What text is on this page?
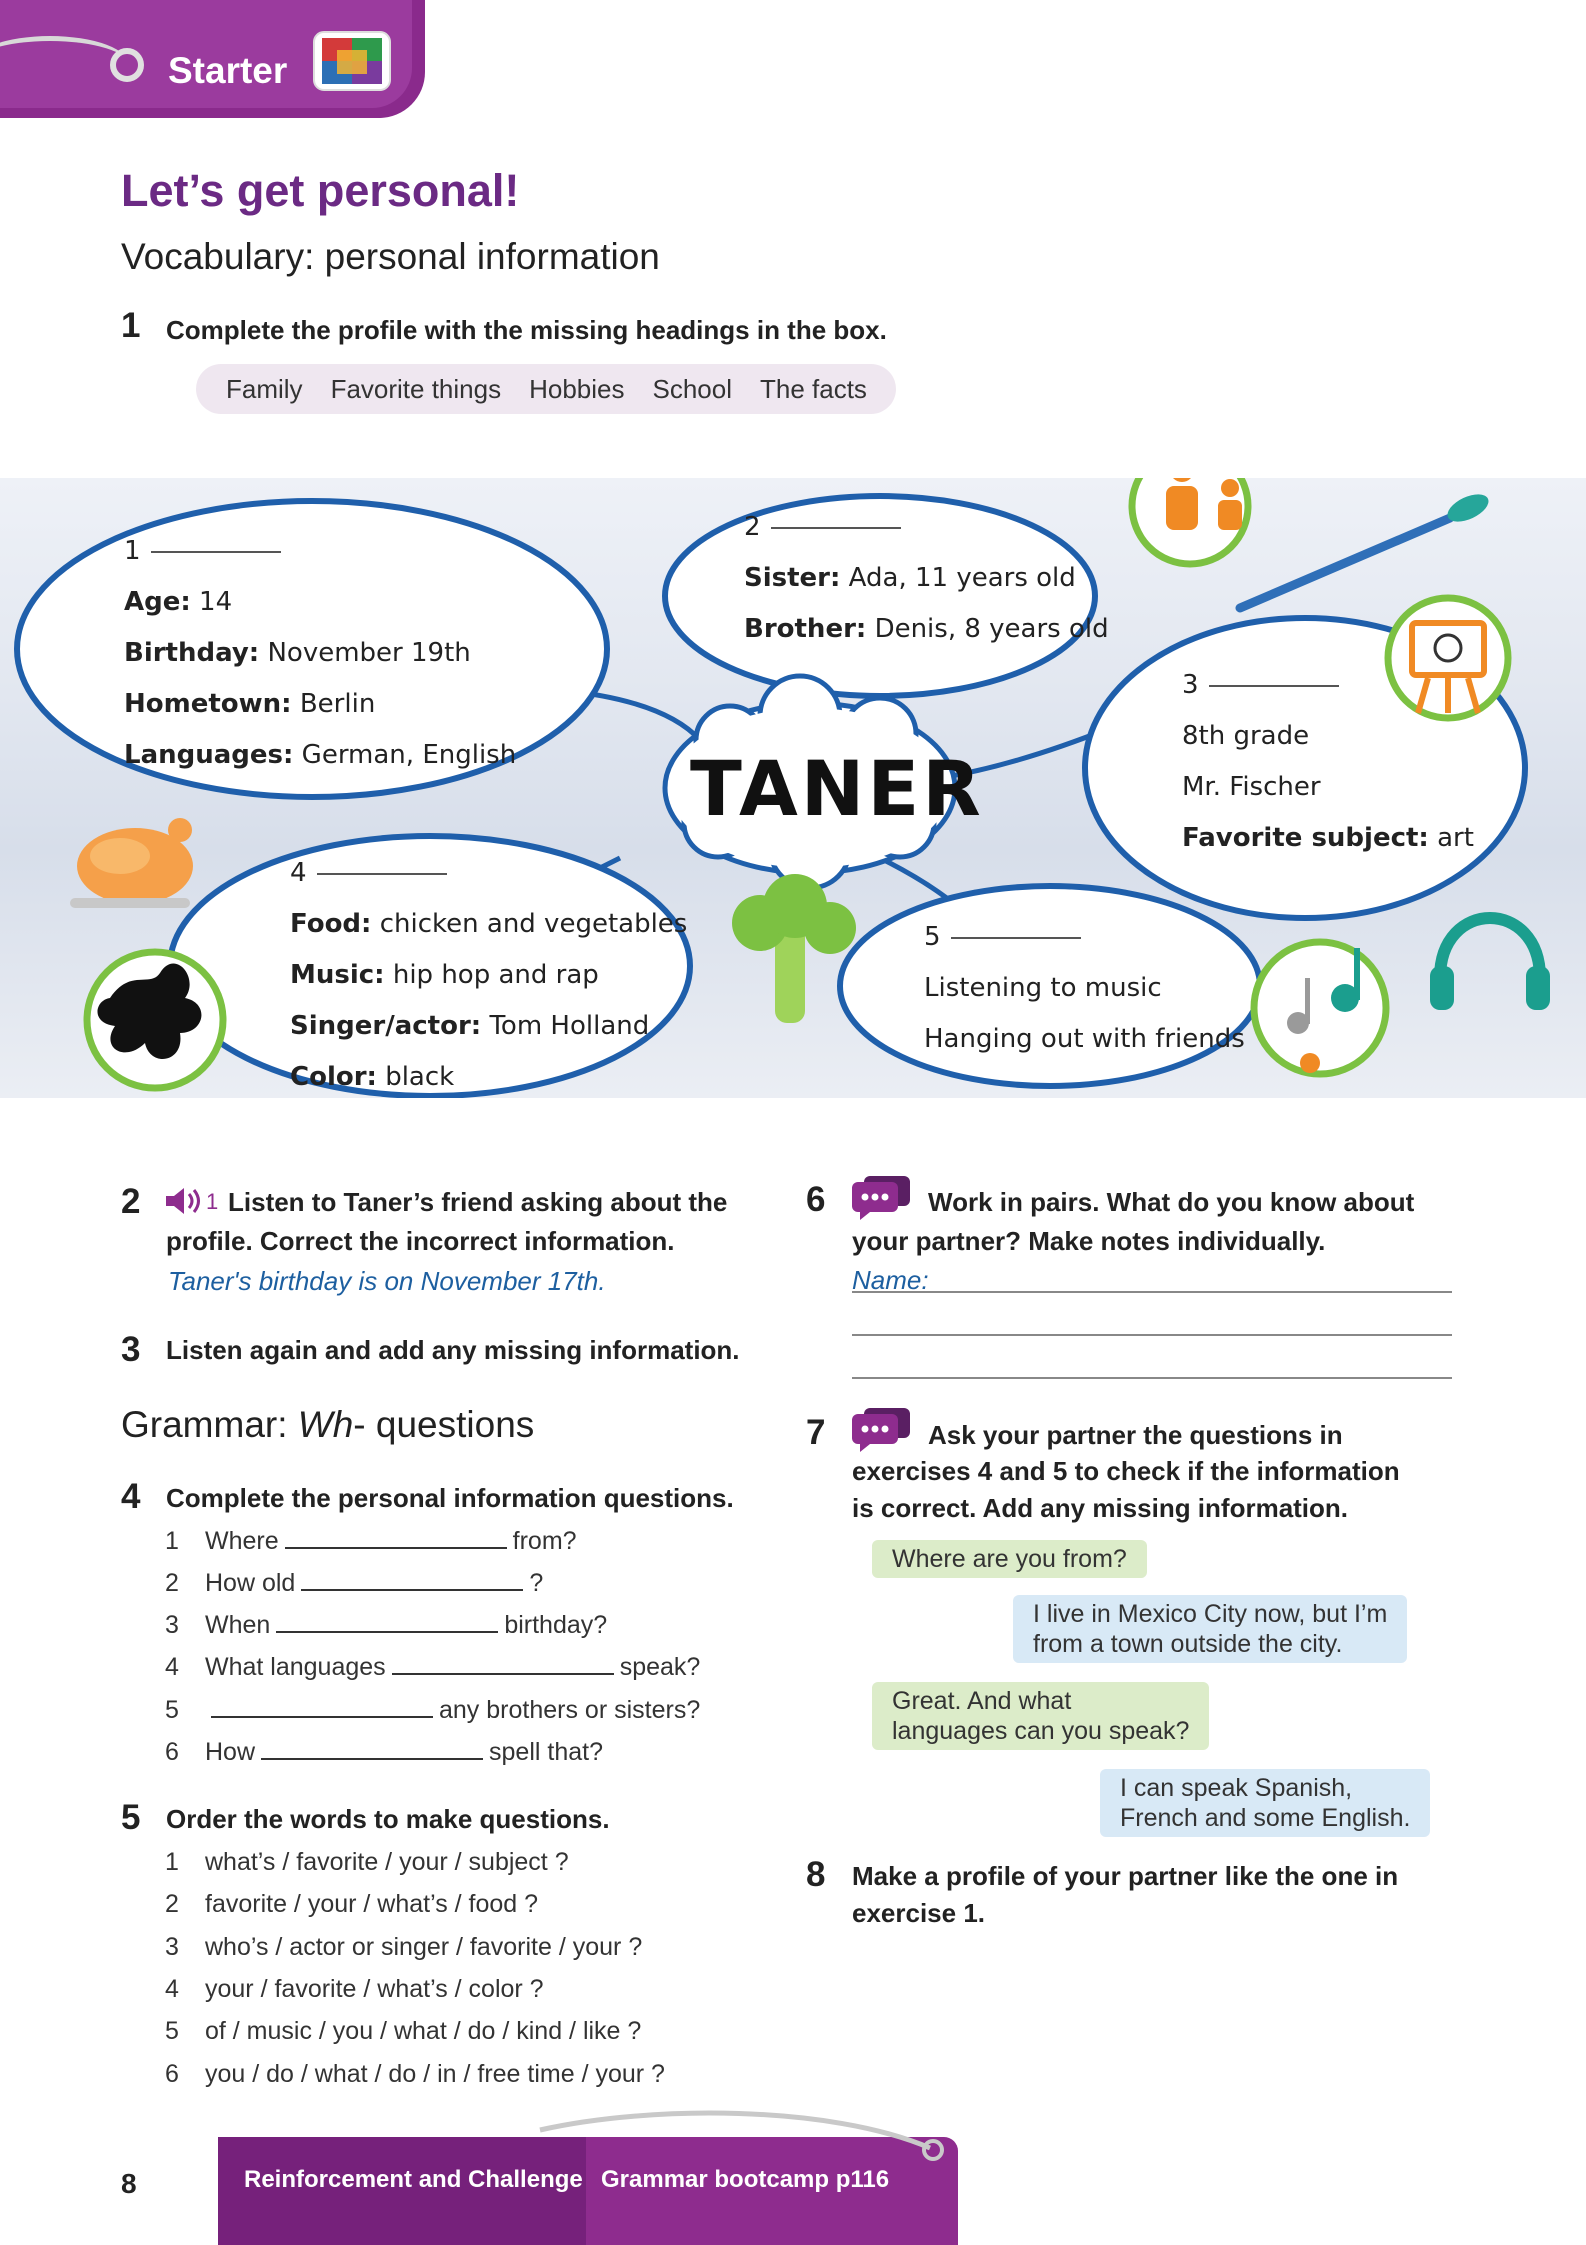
Starter
Let’s get personal!
Vocabulary: personal information
1 Complete the profile with the missing headings in the box.
Family Favorite things Hobbies School The facts
1
Age: 14
Birthday: November 19th
Hometown: Berlin
Languages: German, English
2
Sister: Ada, 11 years old
Brother: Denis, 8 years old
3
8th grade
Mr. Fischer
Favorite subject: art
4
Food: chicken and vegetables
Music: hip hop and rap
Singer/actor: Tom Holland
Color: black
5
Listening to music
Hanging out with friends
TANER
2	1 Listen to Taner’s friend asking about the
profile. Correct the incorrect information.
Taner's birthday is on November 17th.
3 Listen again and add any missing information.
Grammar: Wh- questions
4 Complete the personal information questions.
1 Where	from?
2 How old	?
3 When	birthday?
4 What languages	speak?
5	any brothers or sisters?
6 How	spell that?
5 Order the words to make questions.
1 what’s / favorite / your / subject ?
2 favorite / your / what’s / food ?
3 who’s / actor or singer / favorite / your ?
4 your / favorite / what’s / color ?
5 of / music / you / what / do / kind / like ?
6 you / do / what / do / in / free time / your ?
6	Work in pairs. What do you know about
your partner? Make notes individually.
Name:
7	Ask your partner the questions in
exercises 4 and 5 to check if the information
is correct. Add any missing information.
Where are you from?
I live in Mexico City now, but I’m
from a town outside the city.
Great. And what
languages can you speak?
I can speak Spanish,
French and some English.
8 Make a profile of your partner like the one in
exercise 1.
8	Reinforcement and Challenge Grammar bootcamp p116
